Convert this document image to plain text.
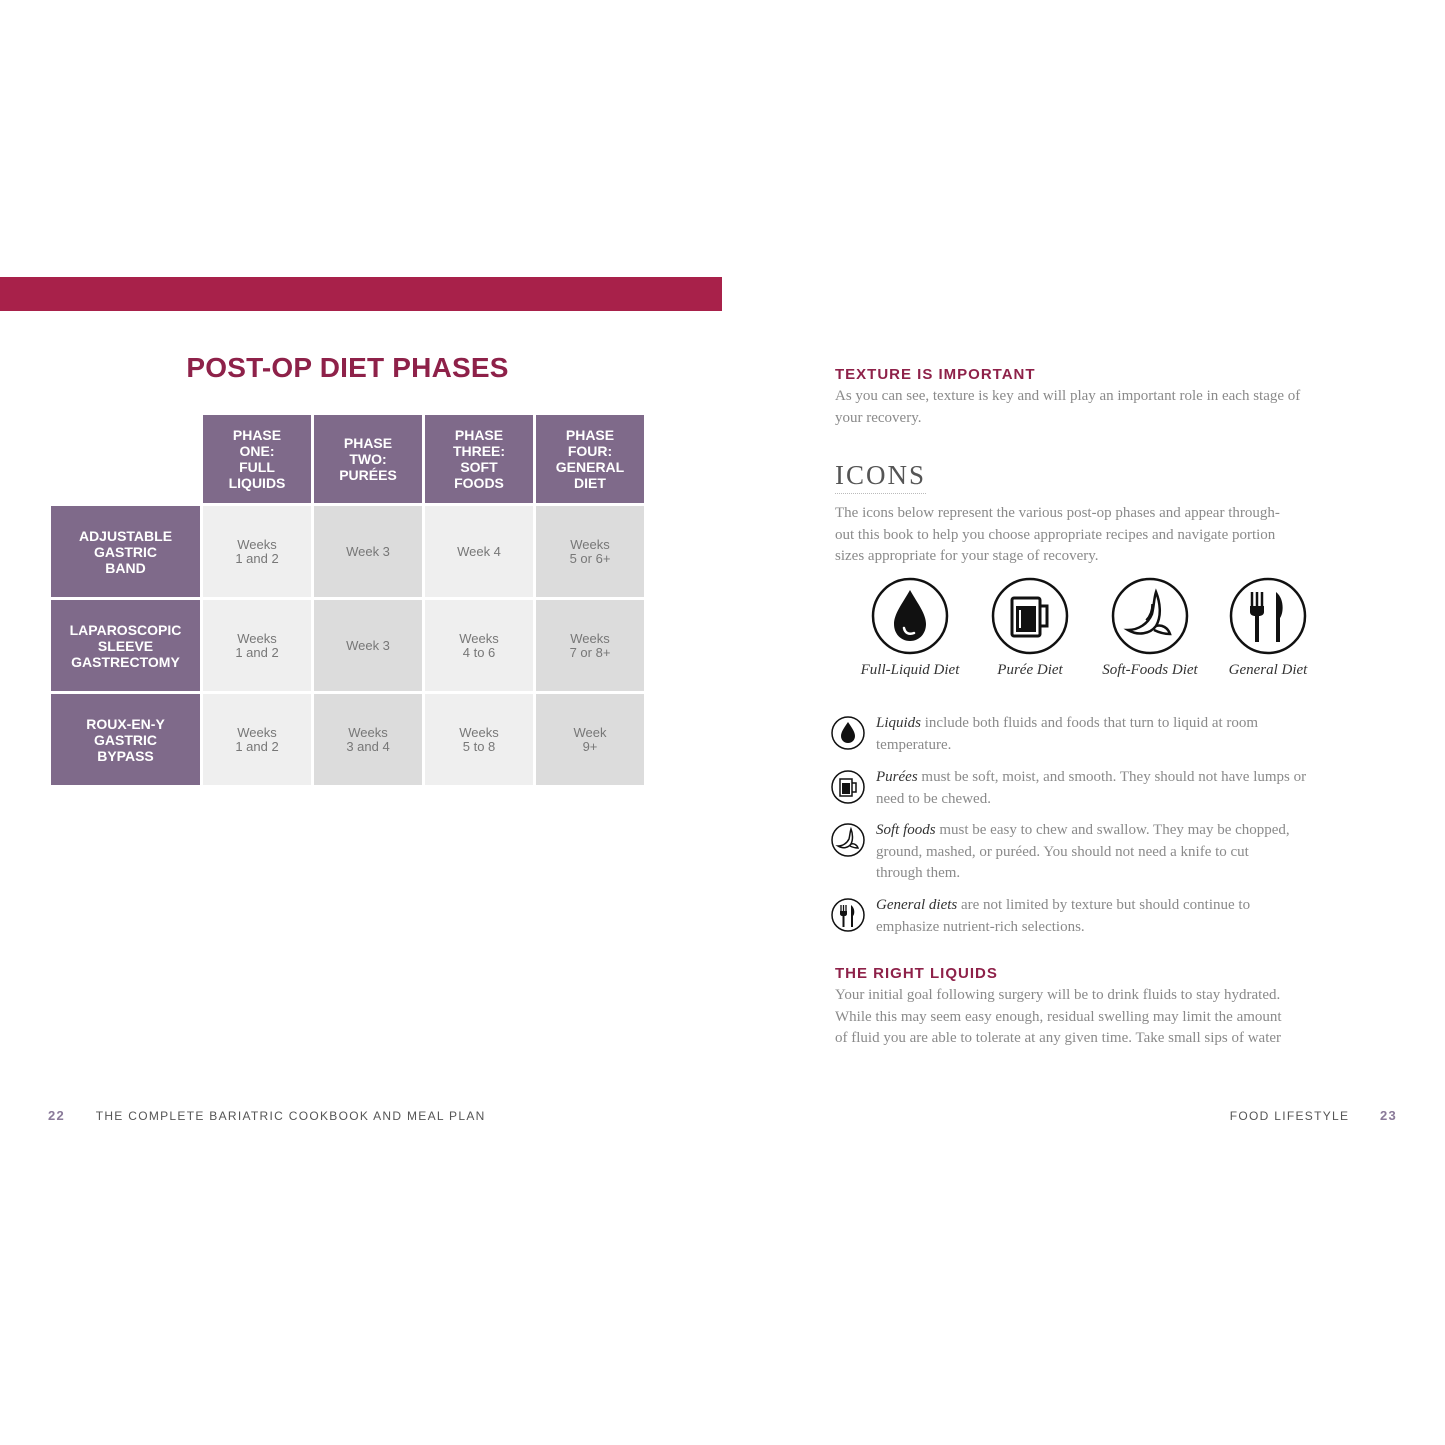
POST-OP DIET PHASES
	PHASE
ONE:
FULL
LIQUIDS	PHASE
TWO:
PURÉES	PHASE
THREE:
SOFT
FOODS	PHASE
FOUR:
GENERAL
DIET
ADJUSTABLE
GASTRIC
BAND	Weeks
1 and 2	Week 3	Week 4	Weeks
5 or 6+
LAPAROSCOPIC
SLEEVE
GASTRECTOMY	Weeks
1 and 2	Week 3	Weeks
4 to 6	Weeks
7 or 8+
ROUX-EN-Y
GASTRIC
BYPASS	Weeks
1 and 2	Weeks
3 and 4	Weeks
5 to 8	Week
9+
22	THE COMPLETE BARIATRIC COOKBOOK AND MEAL PLAN
TEXTURE IS IMPORTANT

As you can see, texture is key and will play an important role in each stage of

your recovery.

ICONS

The icons below represent the various post-op phases and appear through-

out this book to help you choose appropriate recipes and navigate portion

sizes appropriate for your stage of recovery.

Full-Liquid Diet	Purée Diet	Soft-Foods Diet	General Diet

Liquids include both fluids and foods that turn to liquid at room

temperature.

Purées must be soft, moist, and smooth. They should not have lumps or

need to be chewed.

Soft foods must be easy to chew and swallow. They may be chopped,

ground, mashed, or puréed. You should not need a knife to cut

through them.

General diets are not limited by texture but should continue to

emphasize nutrient-rich selections.

THE RIGHT LIQUIDS

Your initial goal following surgery will be to drink fluids to stay hydrated.

While this may seem easy enough, residual swelling may limit the amount

of fluid you are able to tolerate at any given time. Take small sips of water

FOOD LIFESTYLE 23
